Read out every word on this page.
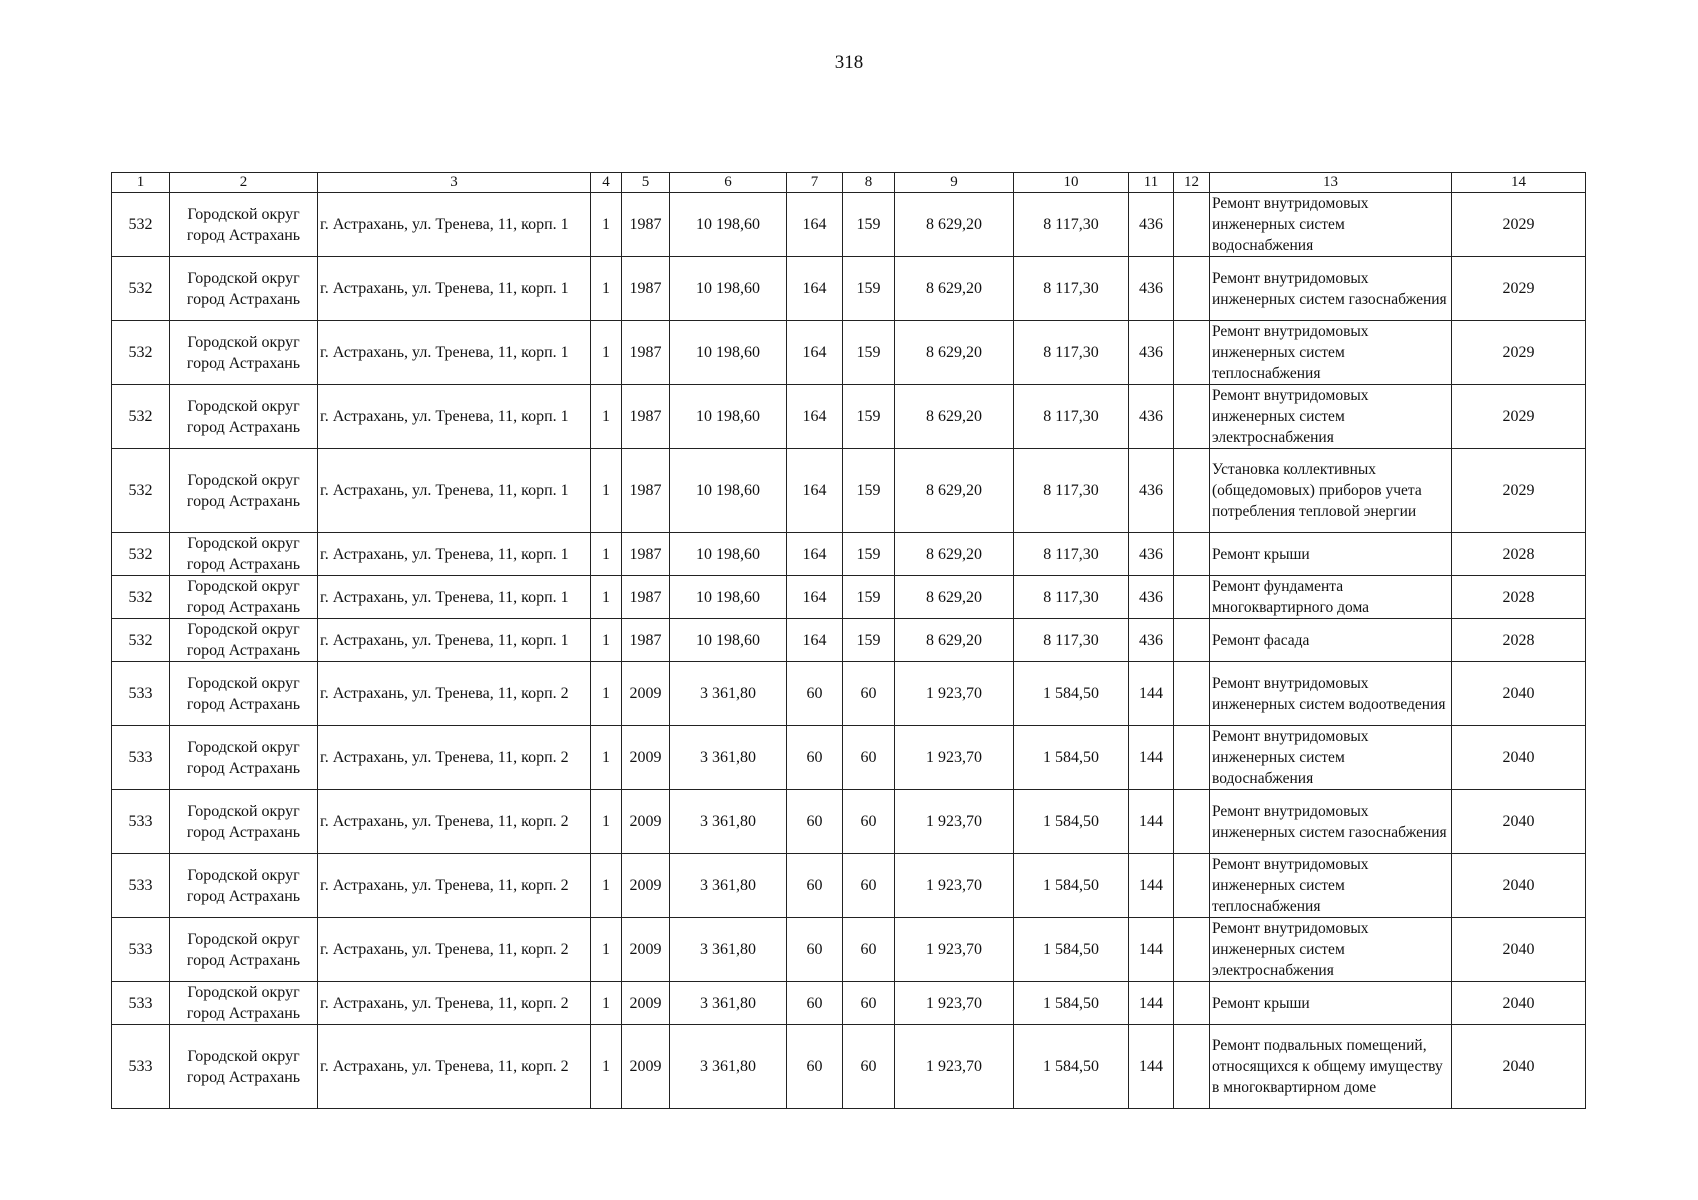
318
1	2	3	4	5	6	7	8	9	10	11	12	13	14
532	Городской округ город Астрахань	г. Астрахань, ул. Тренева, 11, корп. 1	1	1987	10 198,60	164	159	8 629,20	8 117,30	436		Ремонт внутридомовых инженерных систем водоснабжения	2029
532	Городской округ город Астрахань	г. Астрахань, ул. Тренева, 11, корп. 1	1	1987	10 198,60	164	159	8 629,20	8 117,30	436		Ремонт внутридомовых инженерных систем газоснабжения	2029
532	Городской округ город Астрахань	г. Астрахань, ул. Тренева, 11, корп. 1	1	1987	10 198,60	164	159	8 629,20	8 117,30	436		Ремонт внутридомовых инженерных систем теплоснабжения	2029
532	Городской округ город Астрахань	г. Астрахань, ул. Тренева, 11, корп. 1	1	1987	10 198,60	164	159	8 629,20	8 117,30	436		Ремонт внутридомовых инженерных систем электроснабжения	2029
532	Городской округ город Астрахань	г. Астрахань, ул. Тренева, 11, корп. 1	1	1987	10 198,60	164	159	8 629,20	8 117,30	436		Установка коллективных (общедомовых) приборов учета потребления тепловой энергии	2029
532	Городской округ город Астрахань	г. Астрахань, ул. Тренева, 11, корп. 1	1	1987	10 198,60	164	159	8 629,20	8 117,30	436		Ремонт крыши	2028
532	Городской округ город Астрахань	г. Астрахань, ул. Тренева, 11, корп. 1	1	1987	10 198,60	164	159	8 629,20	8 117,30	436		Ремонт фундамента многоквартирного дома	2028
532	Городской округ город Астрахань	г. Астрахань, ул. Тренева, 11, корп. 1	1	1987	10 198,60	164	159	8 629,20	8 117,30	436		Ремонт фасада	2028
533	Городской округ город Астрахань	г. Астрахань, ул. Тренева, 11, корп. 2	1	2009	3 361,80	60	60	1 923,70	1 584,50	144		Ремонт внутридомовых инженерных систем водоотведения	2040
533	Городской округ город Астрахань	г. Астрахань, ул. Тренева, 11, корп. 2	1	2009	3 361,80	60	60	1 923,70	1 584,50	144		Ремонт внутридомовых инженерных систем водоснабжения	2040
533	Городской округ город Астрахань	г. Астрахань, ул. Тренева, 11, корп. 2	1	2009	3 361,80	60	60	1 923,70	1 584,50	144		Ремонт внутридомовых инженерных систем газоснабжения	2040
533	Городской округ город Астрахань	г. Астрахань, ул. Тренева, 11, корп. 2	1	2009	3 361,80	60	60	1 923,70	1 584,50	144		Ремонт внутридомовых инженерных систем теплоснабжения	2040
533	Городской округ город Астрахань	г. Астрахань, ул. Тренева, 11, корп. 2	1	2009	3 361,80	60	60	1 923,70	1 584,50	144		Ремонт внутридомовых инженерных систем электроснабжения	2040
533	Городской округ город Астрахань	г. Астрахань, ул. Тренева, 11, корп. 2	1	2009	3 361,80	60	60	1 923,70	1 584,50	144		Ремонт крыши	2040
533	Городской округ город Астрахань	г. Астрахань, ул. Тренева, 11, корп. 2	1	2009	3 361,80	60	60	1 923,70	1 584,50	144		Ремонт подвальных помещений, относящихся к общему имуществу в многоквартирном доме	2040
